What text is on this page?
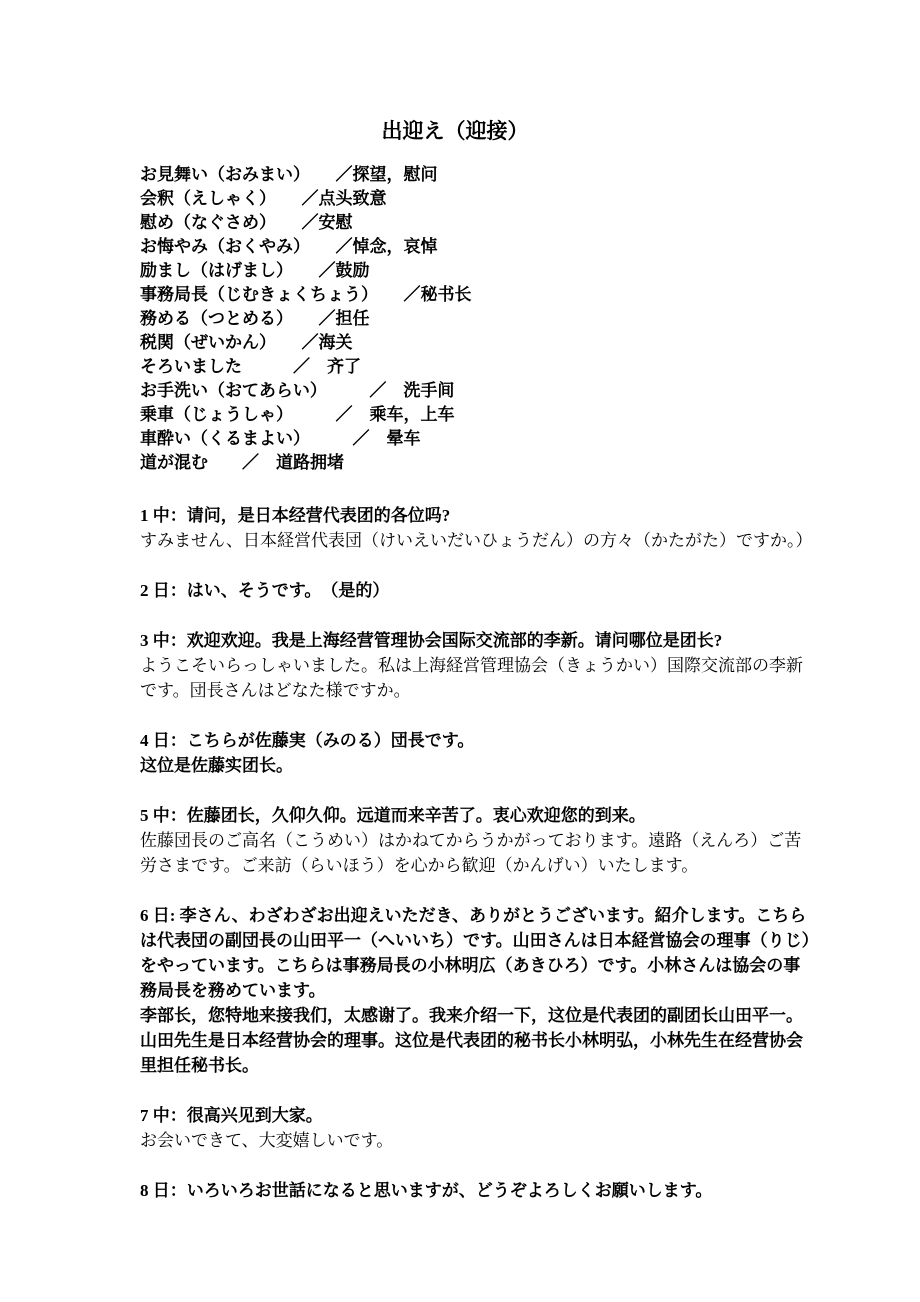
出迎え（迎接）
お見舞い（おみまい）　　／探望，慰问
会釈（えしゃく）　　／点头致意
慰め（なぐさめ）　　／安慰
お悔やみ（おくやみ）　　／悼念，哀悼
励まし（はげまし）　　／鼓励
事務局長（じむきょくちょう）　　／秘书长
務める（つとめる）　　／担任
税関（ぜいかん）　　／海关
そろいました　　　／　齐了
お手洗い（おてあらい）　　　／　洗手间
乗車（じょうしゃ）　　　／　乘车，上车
車酔い（くるまよい）　　　／　晕车
道が混む　　／　道路拥堵
1 中：请问，是日本经营代表团的各位吗?
すみません、日本経営代表団（けいえいだいひょうだん）の方々（かたがた）ですか。）
2 日：はい、そうです。　（是的）
3 中：欢迎欢迎。我是上海经营管理协会国际交流部的李新。请问哪位是团长?
ようこそいらっしゃいました。私は上海経営管理協会（きょうかい）国際交流部の李新
です。団長さんはどなた様ですか。
4 日：こちらが佐藤実（みのる）団長です。
这位是佐藤实团长。
5 中：佐藤团长，久仰久仰。远道而来辛苦了。衷心欢迎您的到来。
佐藤団長のご高名（こうめい）はかねてからうかがっております。遠路（えんろ）ご苦
労さまです。ご来訪（らいほう）を心から歓迎（かんげい）いたします。
6 日: 李さん、わざわざお出迎えいただき、ありがとうございます。紹介します。こちら
は代表団の副団長の山田平一（へいいち）です。山田さんは日本経営協会の理事（りじ）
をやっています。こちらは事務局長の小林明広（あきひろ）です。小林さんは協会の事
務局長を務めています。
李部长，您特地来接我们，太感谢了。我来介绍一下，这位是代表团的副团长山田平一。
山田先生是日本经营协会的理事。这位是代表团的秘书长小林明弘，小林先生在经营协会
里担任秘书长。
7 中：很高兴见到大家。
お会いできて、大変嬉しいです。
8 日：いろいろお世話になると思いますが、どうぞよろしくお願いします。
